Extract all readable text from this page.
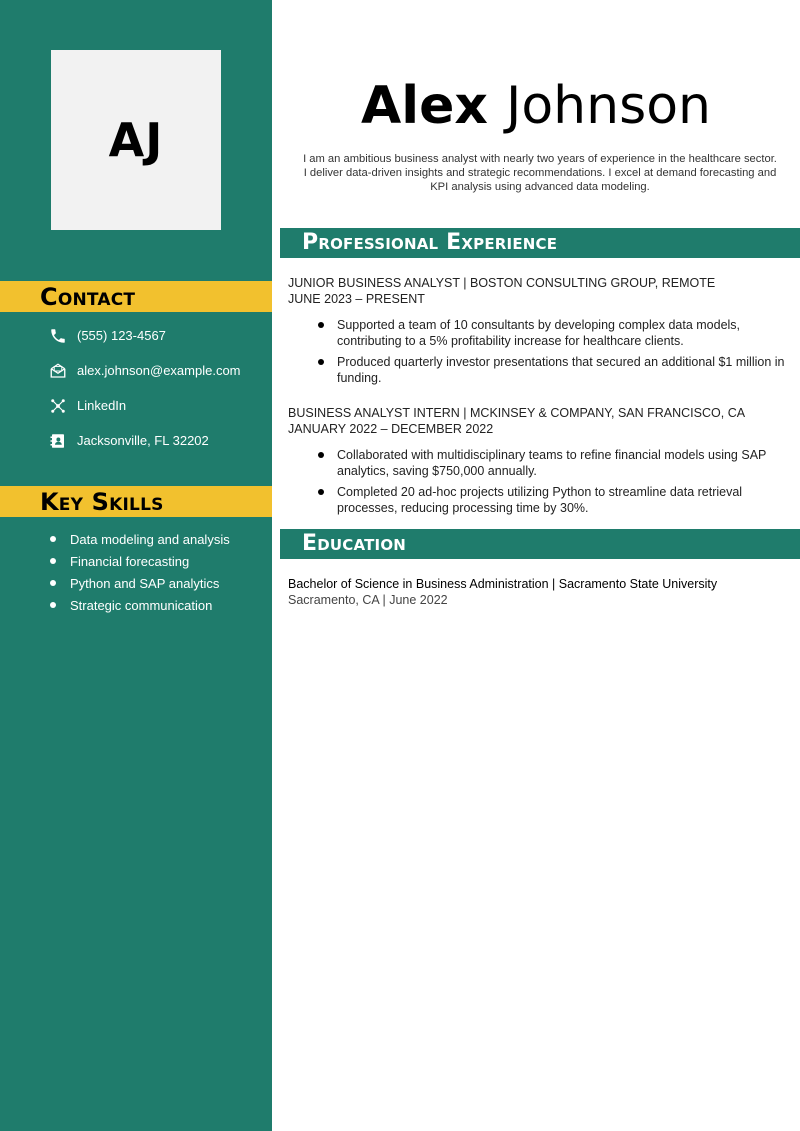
AJ
Contact
(555) 123-4567
alex.johnson@example.com
LinkedIn
Jacksonville, FL 32202
Key Skills
Data modeling and analysis
Financial forecasting
Python and SAP analytics
Strategic communication
Alex Johnson

I am an ambitious business analyst with nearly two years of experience in the healthcare sector. I deliver data-driven insights and strategic recommendations. I excel at demand forecasting and KPI analysis using advanced data modeling.

Professional Experience
JUNIOR BUSINESS ANALYST | BOSTON CONSULTING GROUP, REMOTE
JUNE 2023 – PRESENT
Supported a team of 10 consultants by developing complex data models, contributing to a 5% profitability increase for healthcare clients.
Produced quarterly investor presentations that secured an additional $1 million in funding.
BUSINESS ANALYST INTERN | MCKINSEY & COMPANY, SAN FRANCISCO, CA
JANUARY 2022 – DECEMBER 2022
Collaborated with multidisciplinary teams to refine financial models using SAP analytics, saving $750,000 annually.
Completed 20 ad-hoc projects utilizing Python to streamline data retrieval processes, reducing processing time by 30%.
Education
Bachelor of Science in Business Administration | Sacramento State University
Sacramento, CA | June 2022
